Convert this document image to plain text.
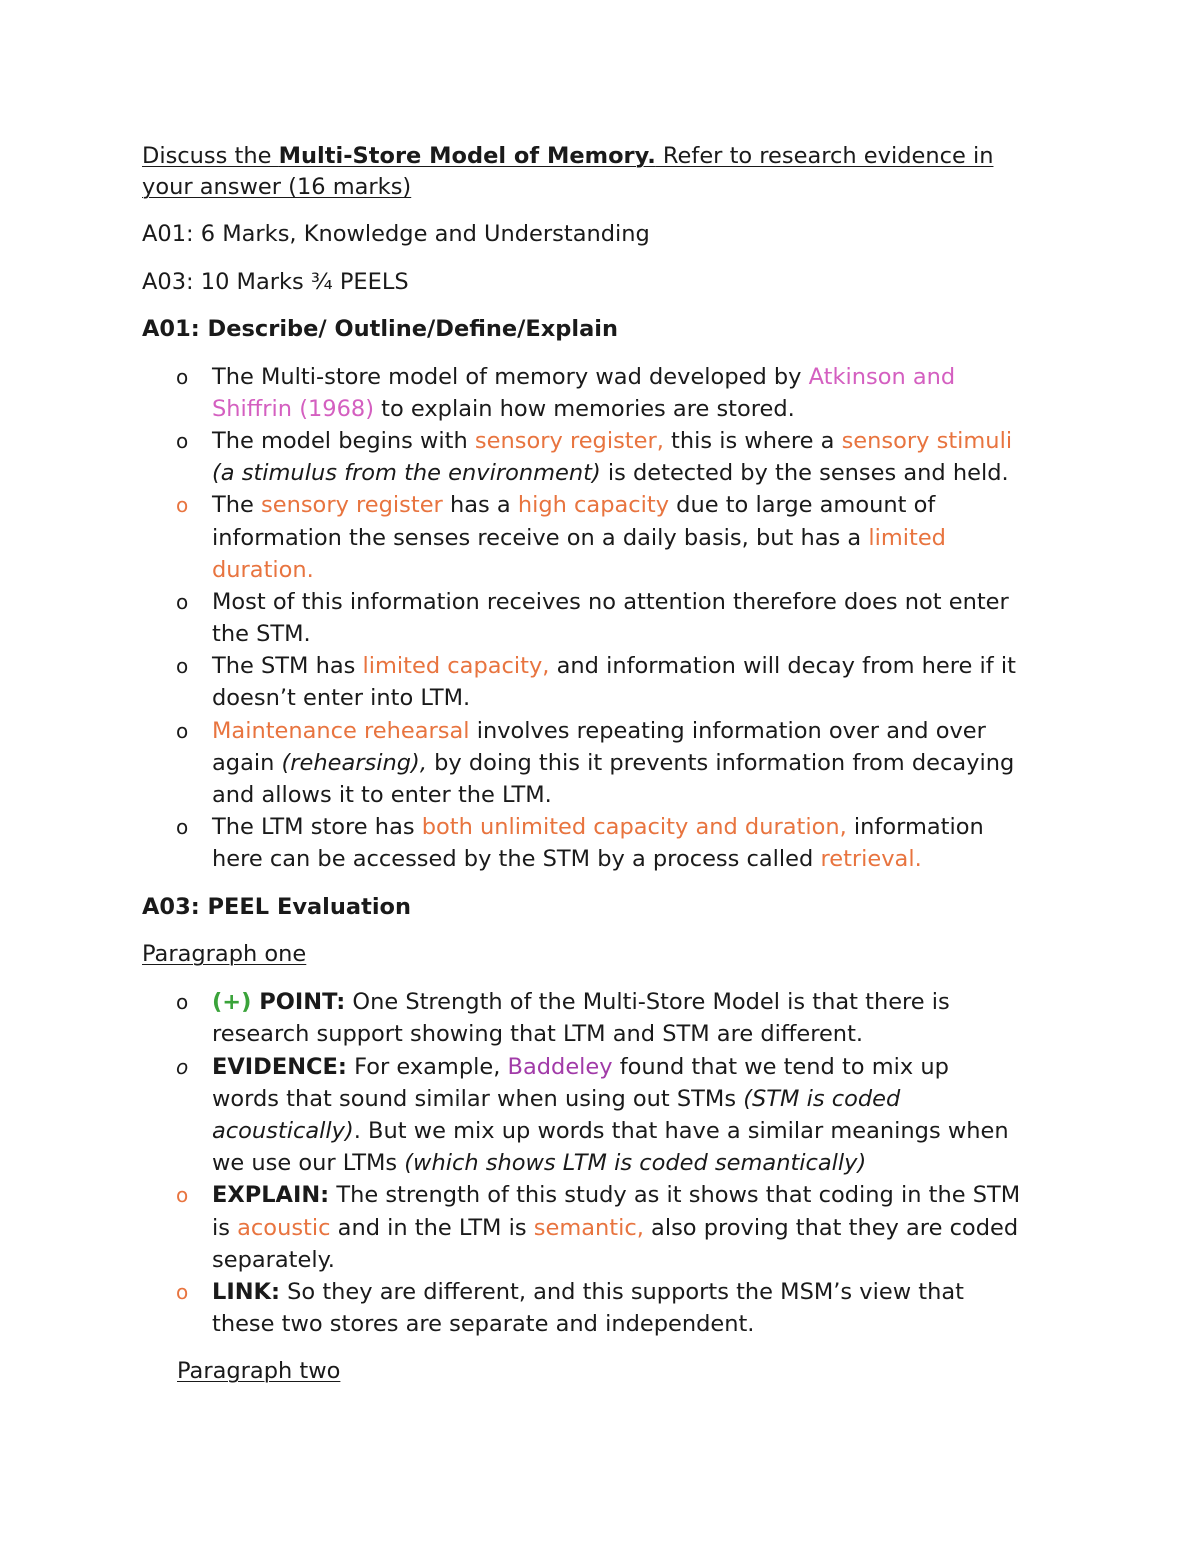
Discuss the Multi-Store Model of Memory. Refer to research evidence in
your answer (16 marks)
A01: 6 Marks, Knowledge and Understanding
A03: 10 Marks ¾ PEELS
A01: Describe/ Outline/Define/Explain
o The Multi-store model of memory wad developed by Atkinson and
Shiffrin (1968) to explain how memories are stored.
o The model begins with sensory register, this is where a sensory stimuli
(a stimulus from the environment) is detected by the senses and held.
o The sensory register has a high capacity due to large amount of
information the senses receive on a daily basis, but has a limited
duration.
o Most of this information receives no attention therefore does not enter
the STM.
o The STM has limited capacity, and information will decay from here if it
doesn’t enter into LTM.
o Maintenance rehearsal involves repeating information over and over
again (rehearsing), by doing this it prevents information from decaying
and allows it to enter the LTM.
o The LTM store has both unlimited capacity and duration, information
here can be accessed by the STM by a process called retrieval.
A03: PEEL Evaluation
Paragraph one
o (+) POINT: One Strength of the Multi-Store Model is that there is
research support showing that LTM and STM are different.
o EVIDENCE: For example, Baddeley found that we tend to mix up
words that sound similar when using out STMs (STM is coded
acoustically). But we mix up words that have a similar meanings when
we use our LTMs (which shows LTM is coded semantically)
o EXPLAIN: The strength of this study as it shows that coding in the STM
is acoustic and in the LTM is semantic, also proving that they are coded
separately.
o LINK: So they are different, and this supports the MSM’s view that
these two stores are separate and independent.
Paragraph two
